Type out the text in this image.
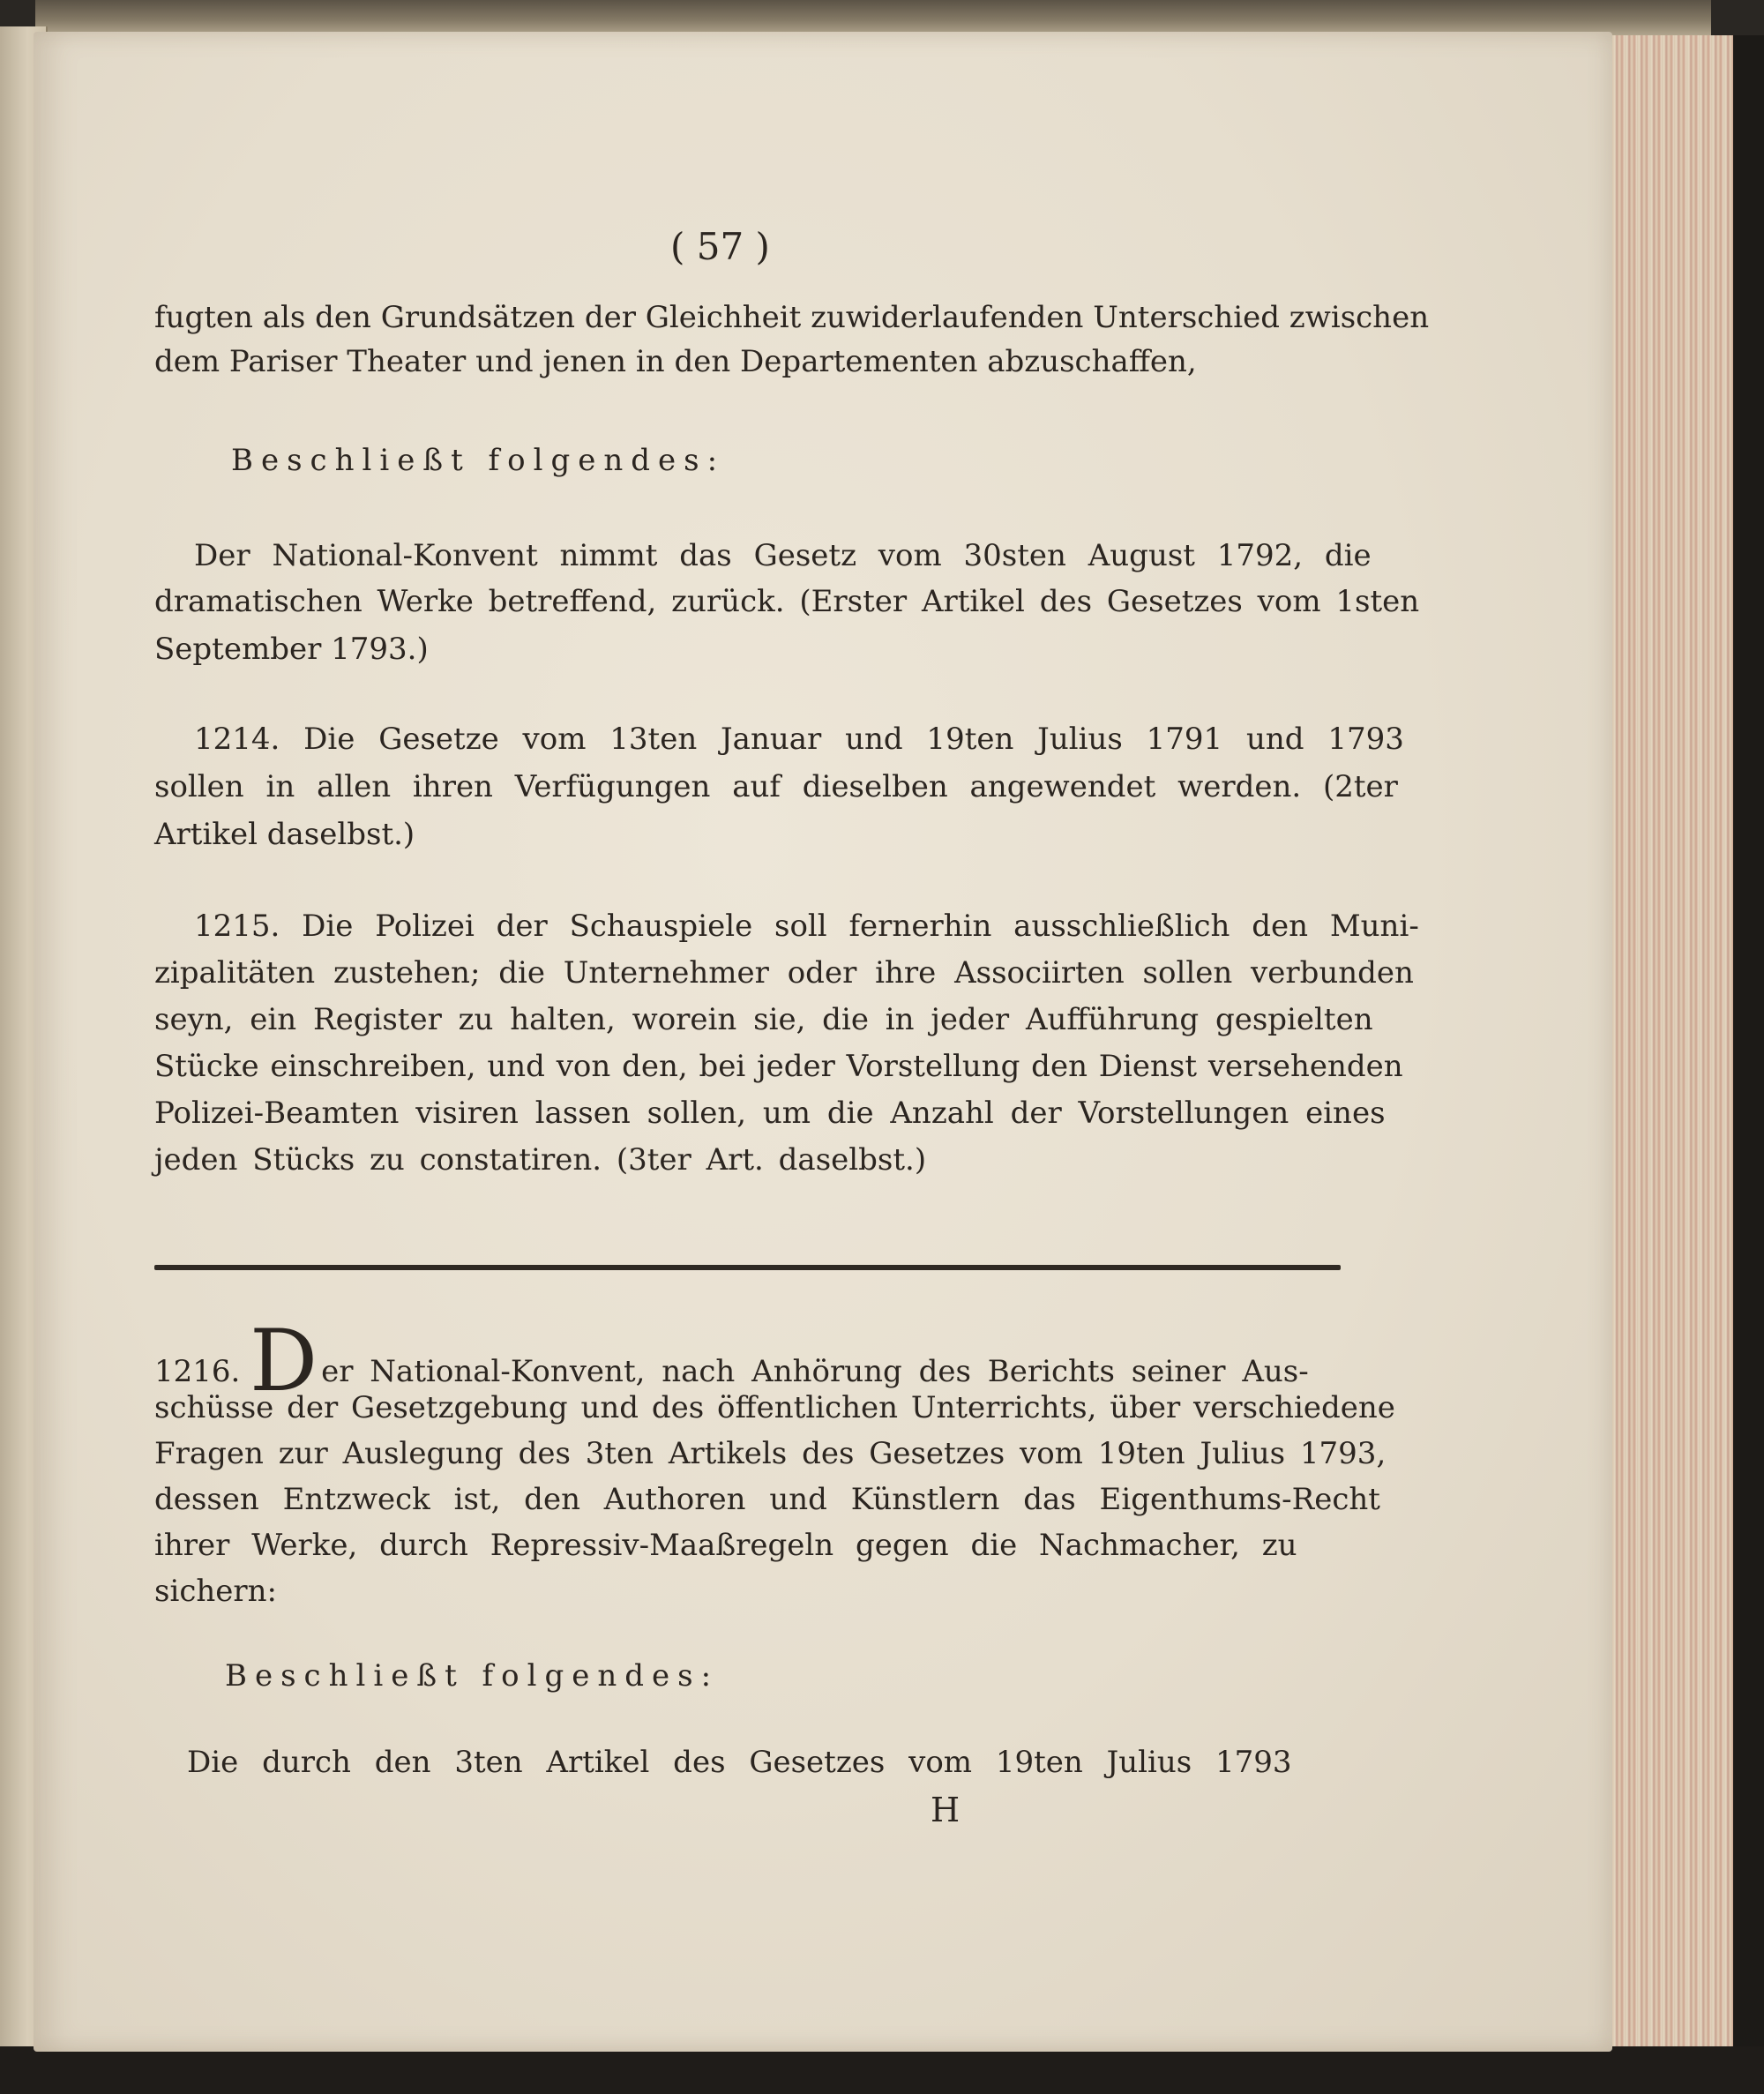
( 57 )
fugten als den Grundsätzen der Gleichheit zuwiderlaufenden Unterschied zwischen
dem Pariser Theater und jenen in den Departementen abzuschaffen,
Beschließt folgendes:
Der National-Konvent nimmt das Gesetz vom 30sten August 1792, die
dramatischen Werke betreffend, zurück. (Erster Artikel des Gesetzes vom 1sten
September 1793.)
1214. Die Gesetze vom 13ten Januar und 19ten Julius 1791 und 1793
sollen in allen ihren Verfügungen auf dieselben angewendet werden. (2ter
Artikel daselbst.)
1215. Die Polizei der Schauspiele soll fernerhin ausschließlich den Muni-
zipalitäten zustehen; die Unternehmer oder ihre Associirten sollen verbunden
seyn, ein Register zu halten, worein sie, die in jeder Aufführung gespielten
Stücke einschreiben, und von den, bei jeder Vorstellung den Dienst versehenden
Polizei-Beamten visiren lassen sollen, um die Anzahl der Vorstellungen eines
jeden Stücks zu constatiren. (3ter Art. daselbst.)
1216. D er National-Konvent, nach Anhörung des Berichts seiner Aus-
schüsse der Gesetzgebung und des öffentlichen Unterrichts, über verschiedene
Fragen zur Auslegung des 3ten Artikels des Gesetzes vom 19ten Julius 1793,
dessen Entzweck ist, den Authoren und Künstlern das Eigenthums-Recht
ihrer Werke, durch Repressiv-Maaßregeln gegen die Nachmacher, zu
sichern:
Beschließt folgendes:
Die durch den 3ten Artikel des Gesetzes vom 19ten Julius 1793
H
